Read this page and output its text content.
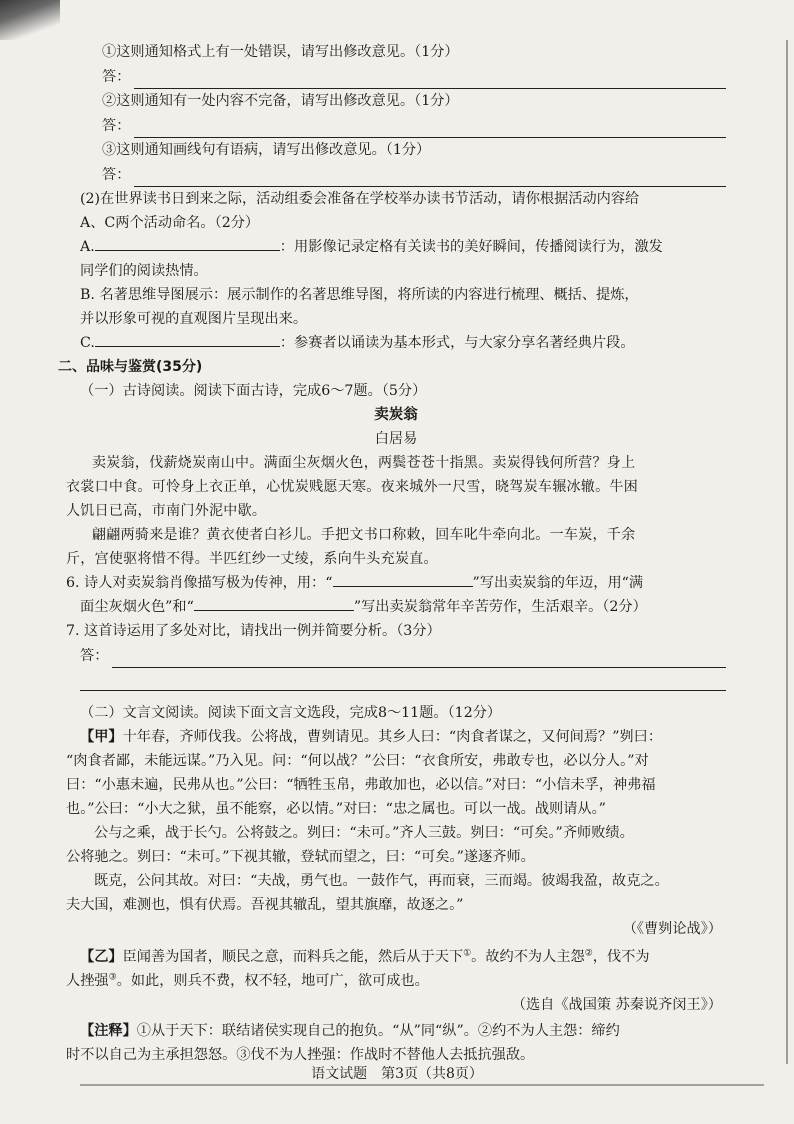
①这则通知格式上有一处错误，请写出修改意见。（1分）
答：
②这则通知有一处内容不完备，请写出修改意见。（1分）
答：
③这则通知画线句有语病，请写出修改意见。（1分）
答：
(2)在世界读书日到来之际，活动组委会准备在学校举办读书节活动，请你根据活动内容给
A、C两个活动命名。（2分）
A.	：用影像记录定格有关读书的美好瞬间，传播阅读行为，激发
同学们的阅读热情。
B. 名著思维导图展示：展示制作的名著思维导图，将所读的内容进行梳理、概括、提炼，
并以形象可视的直观图片呈现出来。
C.	：参赛者以诵读为基本形式，与大家分享名著经典片段。
二、品味与鉴赏(35分)
（一）古诗阅读。阅读下面古诗，完成6～7题。（5分）
卖炭翁
白居易
卖炭翁，伐薪烧炭南山中。满面尘灰烟火色，两鬓苍苍十指黑。卖炭得钱何所营？身上
衣裳口中食。可怜身上衣正单，心忧炭贱愿天寒。夜来城外一尺雪，晓驾炭车辗冰辙。牛困
人饥日已高，市南门外泥中歇。
翩翩两骑来是谁？黄衣使者白衫儿。手把文书口称敕，回车叱牛牵向北。一车炭，千余
斤，宫使驱将惜不得。半匹红纱一丈绫，系向牛头充炭直。
6. 诗人对卖炭翁肖像描写极为传神，用：“	”写出卖炭翁的年迈，用“满
面尘灰烟火色”和“	”写出卖炭翁常年辛苦劳作，生活艰辛。（2分）
7. 这首诗运用了多处对比，请找出一例并简要分析。（3分）
答：
（二）文言文阅读。阅读下面文言文选段，完成8～11题。（12分）
【甲】十年春，齐师伐我。公将战，曹刿请见。其乡人曰：“肉食者谋之，又何间焉？”刿曰：
“肉食者鄙，未能远谋。”乃入见。问：“何以战？”公曰：“衣食所安，弗敢专也，必以分人。”对
曰：“小惠未遍，民弗从也。”公曰：“牺牲玉帛，弗敢加也，必以信。”对曰：“小信未孚，神弗福
也。”公曰：“小大之狱，虽不能察，必以情。”对曰：“忠之属也。可以一战。战则请从。”
公与之乘，战于长勺。公将鼓之。刿曰：“未可。”齐人三鼓。刿曰：“可矣。”齐师败绩。
公将驰之。刿曰：“未可。”下视其辙，登轼而望之，曰：“可矣。”遂逐齐师。
既克，公问其故。对曰：“夫战，勇气也。一鼓作气，再而衰，三而竭。彼竭我盈，故克之。
夫大国，难测也，惧有伏焉。吾视其辙乱，望其旗靡，故逐之。”
（《曹刿论战》）
【乙】臣闻善为国者，顺民之意，而料兵之能，然后从于天下①。故约不为人主怨②，伐不为
人挫强③。如此，则兵不费，权不轻，地可广，欲可成也。
（选自《战国策 苏秦说齐闵王》）
【注释】①从于天下：联结诸侯实现自己的抱负。“从”同“纵”。②约不为人主怨：缔约
时不以自己为主承担怨怒。③伐不为人挫强：作战时不替他人去抵抗强敌。
语文试题　第3页（共8页）
